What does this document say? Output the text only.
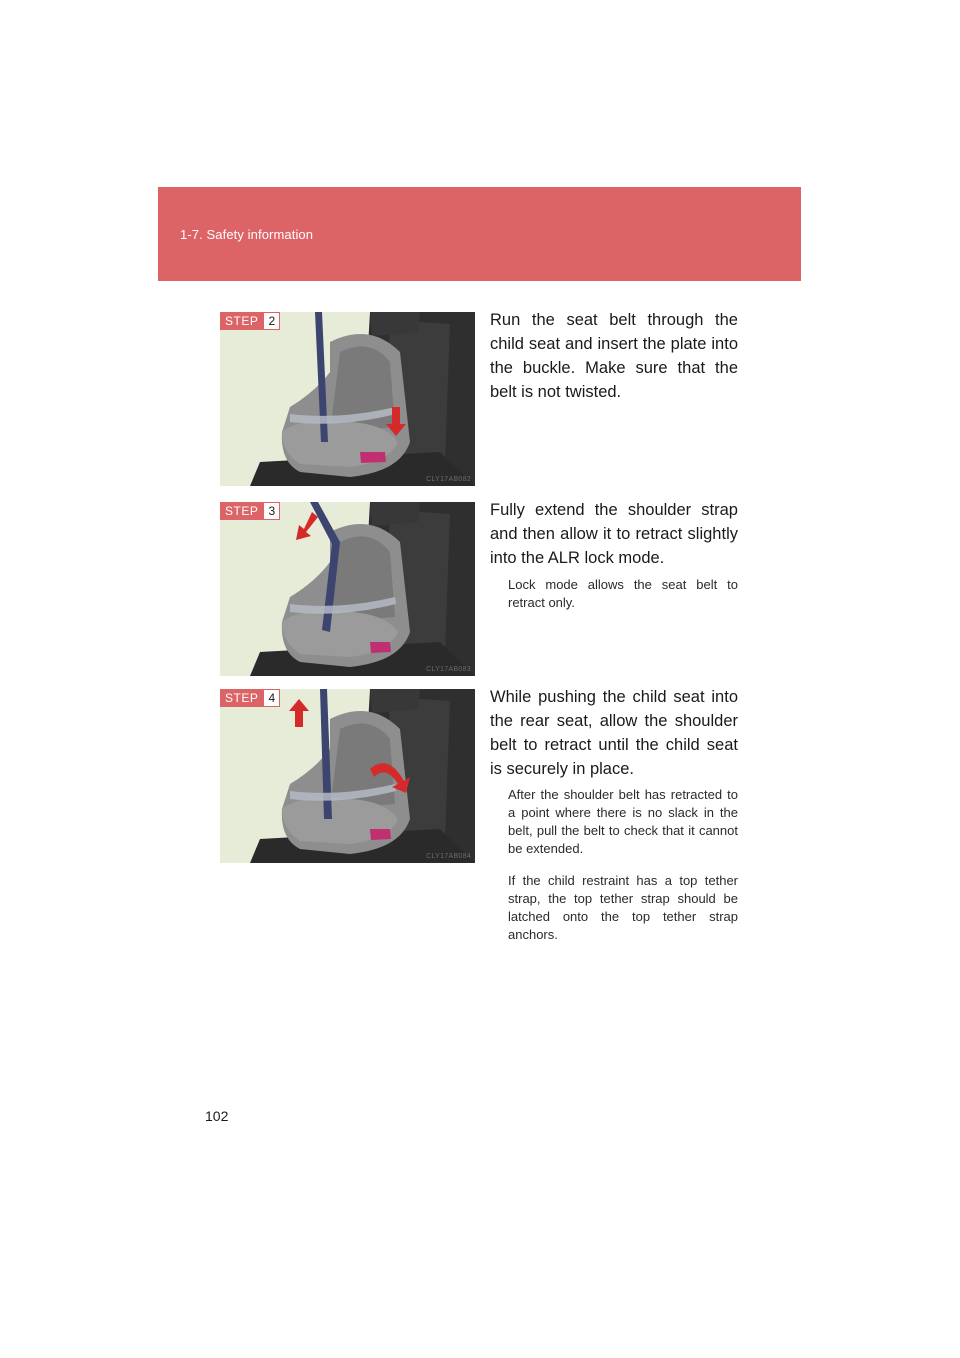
1-7. Safety information
STEP 2
CLY17AB082
Run the seat belt through the child seat and insert the plate into the buckle. Make sure that the belt is not twisted.
STEP 3
CLY17AB083
Fully extend the shoulder strap and then allow it to retract slightly into the ALR lock mode.
Lock mode allows the seat belt to retract only.
STEP 4
CLY17AB084
While pushing the child seat into the rear seat, allow the shoulder belt to retract until the child seat is securely in place.
After the shoulder belt has retracted to a point where there is no slack in the belt, pull the belt to check that it cannot be extended.
If the child restraint has a top tether strap, the top tether strap should be latched onto the top tether strap anchors.
102
